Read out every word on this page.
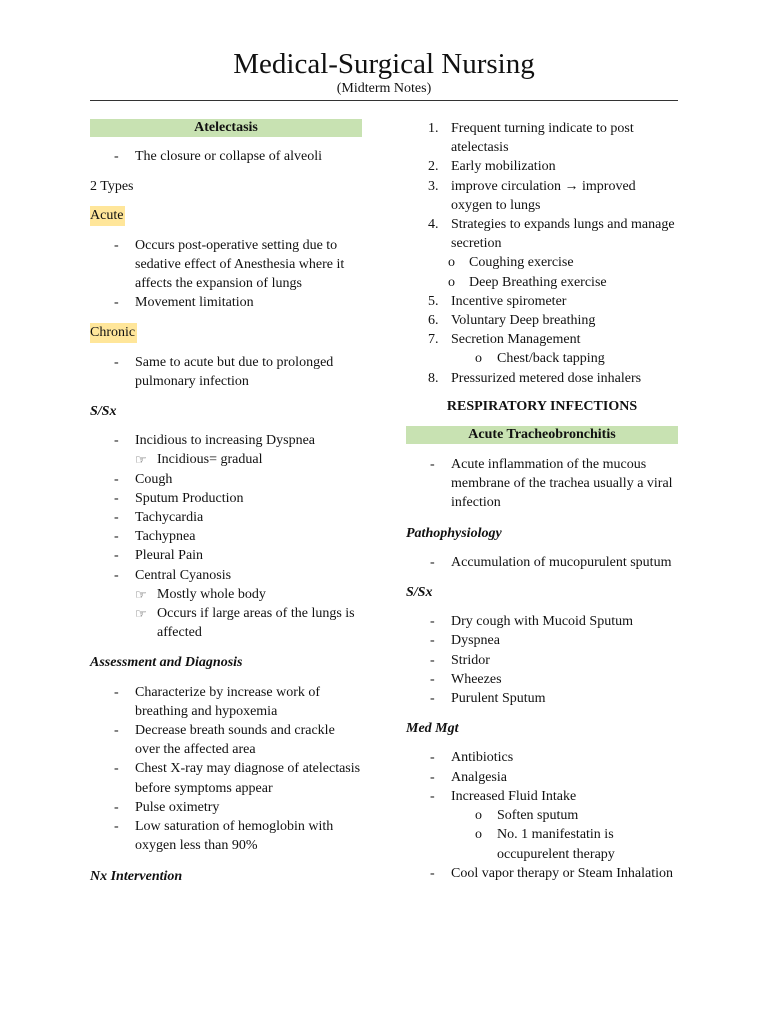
Medical-Surgical Nursing
(Midterm Notes)
Atelectasis
- The closure or collapse of alveoli

2 Types

Acute

- Occurs post-operative setting due to sedative effect of Anesthesia where it affects the expansion of lungs
- Movement limitation

Chronic

- Same to acute but due to prolonged pulmonary infection

S/Sx

- Incidious to increasing Dyspnea
☞ Incidious= gradual
- Cough
- Sputum Production
- Tachycardia
- Tachypnea
- Pleural Pain
- Central Cyanosis
☞ Mostly whole body
☞ Occurs if large areas of the lungs is affected

Assessment and Diagnosis

- Characterize by increase work of breathing and hypoxemia
- Decrease breath sounds and crackle over the affected area
- Chest X-ray may diagnose of atelectasis before symptoms appear
- Pulse oximetry
- Low saturation of hemoglobin with oxygen less than 90%

Nx Intervention

1. Frequent turning indicate to post atelectasis
2. Early mobilization
3. improve circulation → improved oxygen to lungs
4. Strategies to expands lungs and manage secretion
o Coughing exercise
o Deep Breathing exercise
5. Incentive spirometer
6. Voluntary Deep breathing
7. Secretion Management
o Chest/back tapping
8. Pressurized metered dose inhalers

RESPIRATORY INFECTIONS

Acute Tracheobronchitis
- Acute inflammation of the mucous membrane of the trachea usually a viral infection

Pathophysiology

- Accumulation of mucopurulent sputum

S/Sx

- Dry cough with Mucoid Sputum
- Dyspnea
- Stridor
- Wheezes
- Purulent Sputum

Med Mgt

- Antibiotics
- Analgesia
- Increased Fluid Intake
o Soften sputum
o No. 1 manifestatin is occupurelent therapy
- Cool vapor therapy or Steam Inhalation
